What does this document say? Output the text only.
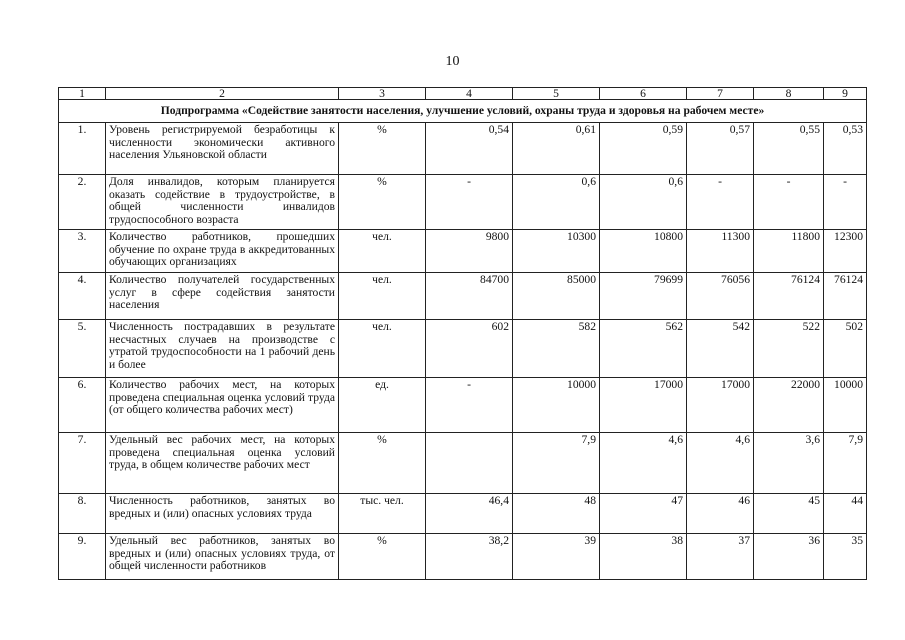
10
1	2	3	4	5	6	7	8	9
Подпрограмма «Содействие занятости населения, улучшение условий, охраны труда и здоровья на рабочем месте»								
1.	Уровень регистрируемой безработицы к численности экономически активного населения Ульяновской области	%	0,54	0,61	0,59	0,57	0,55	0,53
2.	Доля инвалидов, которым планируется оказать содействие в трудоустройстве, в общей численности инвалидов трудоспособного возраста	%	-	0,6	0,6	-	-	-
3.	Количество работников, прошедших обучение по охране труда в аккредитованных обучающих организациях	чел.	9800	10300	10800	11300	11800	12300
4.	Количество получателей государственных услуг в сфере содействия занятости населения	чел.	84700	85000	79699	76056	76124	76124
5.	Численность пострадавших в результате несчастных случаев на производстве с утратой трудоспособности на 1 рабочий день и более	чел.	602	582	562	542	522	502
6.	Количество рабочих мест, на которых проведена специальная оценка условий труда (от общего количества рабочих мест)	ед.	-	10000	17000	17000	22000	10000
7.	Удельный вес рабочих мест, на которых проведена специальная оценка условий труда, в общем количестве рабочих мест	%		7,9	4,6	4,6	3,6	7,9
8.	Численность работников, занятых во вредных и (или) опасных условиях труда	тыс. чел.	46,4	48	47	46	45	44
9.	Удельный вес работников, занятых во вредных и (или) опасных условиях труда, от общей численности работников	%	38,2	39	38	37	36	35
